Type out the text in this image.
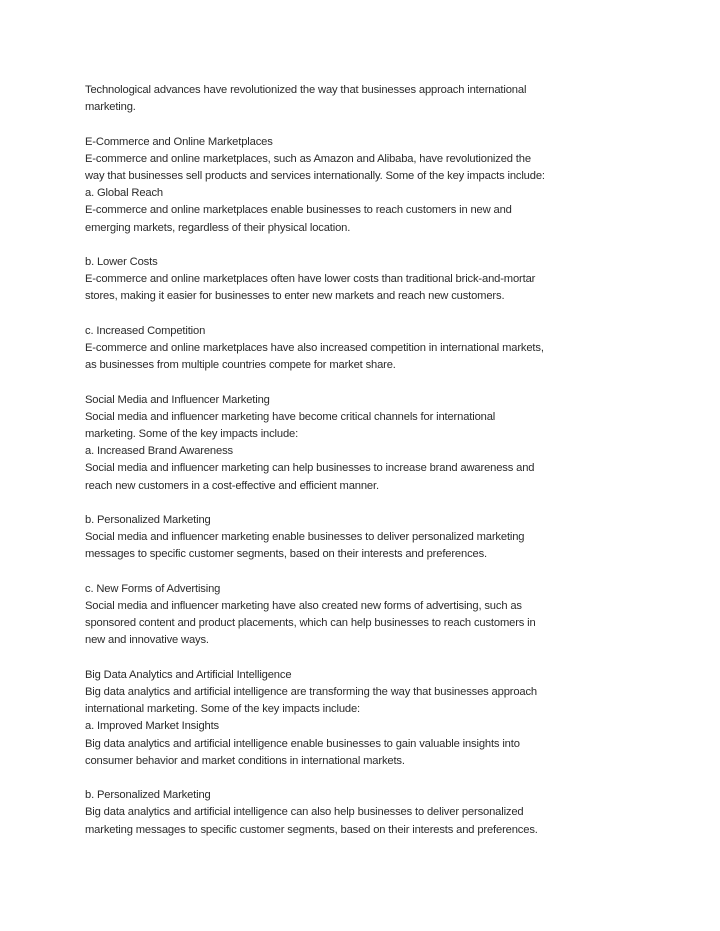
Technological advances have revolutionized the way that businesses approach international
marketing.
E-Commerce and Online Marketplaces
E-commerce and online marketplaces, such as Amazon and Alibaba, have revolutionized the
way that businesses sell products and services internationally. Some of the key impacts include:
a. Global Reach
E-commerce and online marketplaces enable businesses to reach customers in new and
emerging markets, regardless of their physical location.
b. Lower Costs
E-commerce and online marketplaces often have lower costs than traditional brick-and-mortar
stores, making it easier for businesses to enter new markets and reach new customers.
c. Increased Competition
E-commerce and online marketplaces have also increased competition in international markets,
as businesses from multiple countries compete for market share.
Social Media and Influencer Marketing
Social media and influencer marketing have become critical channels for international
marketing. Some of the key impacts include:
a. Increased Brand Awareness
Social media and influencer marketing can help businesses to increase brand awareness and
reach new customers in a cost-effective and efficient manner.
b. Personalized Marketing
Social media and influencer marketing enable businesses to deliver personalized marketing
messages to specific customer segments, based on their interests and preferences.
c. New Forms of Advertising
Social media and influencer marketing have also created new forms of advertising, such as
sponsored content and product placements, which can help businesses to reach customers in
new and innovative ways.
Big Data Analytics and Artificial Intelligence
Big data analytics and artificial intelligence are transforming the way that businesses approach
international marketing. Some of the key impacts include:
a. Improved Market Insights
Big data analytics and artificial intelligence enable businesses to gain valuable insights into
consumer behavior and market conditions in international markets.
b. Personalized Marketing
Big data analytics and artificial intelligence can also help businesses to deliver personalized
marketing messages to specific customer segments, based on their interests and preferences.
